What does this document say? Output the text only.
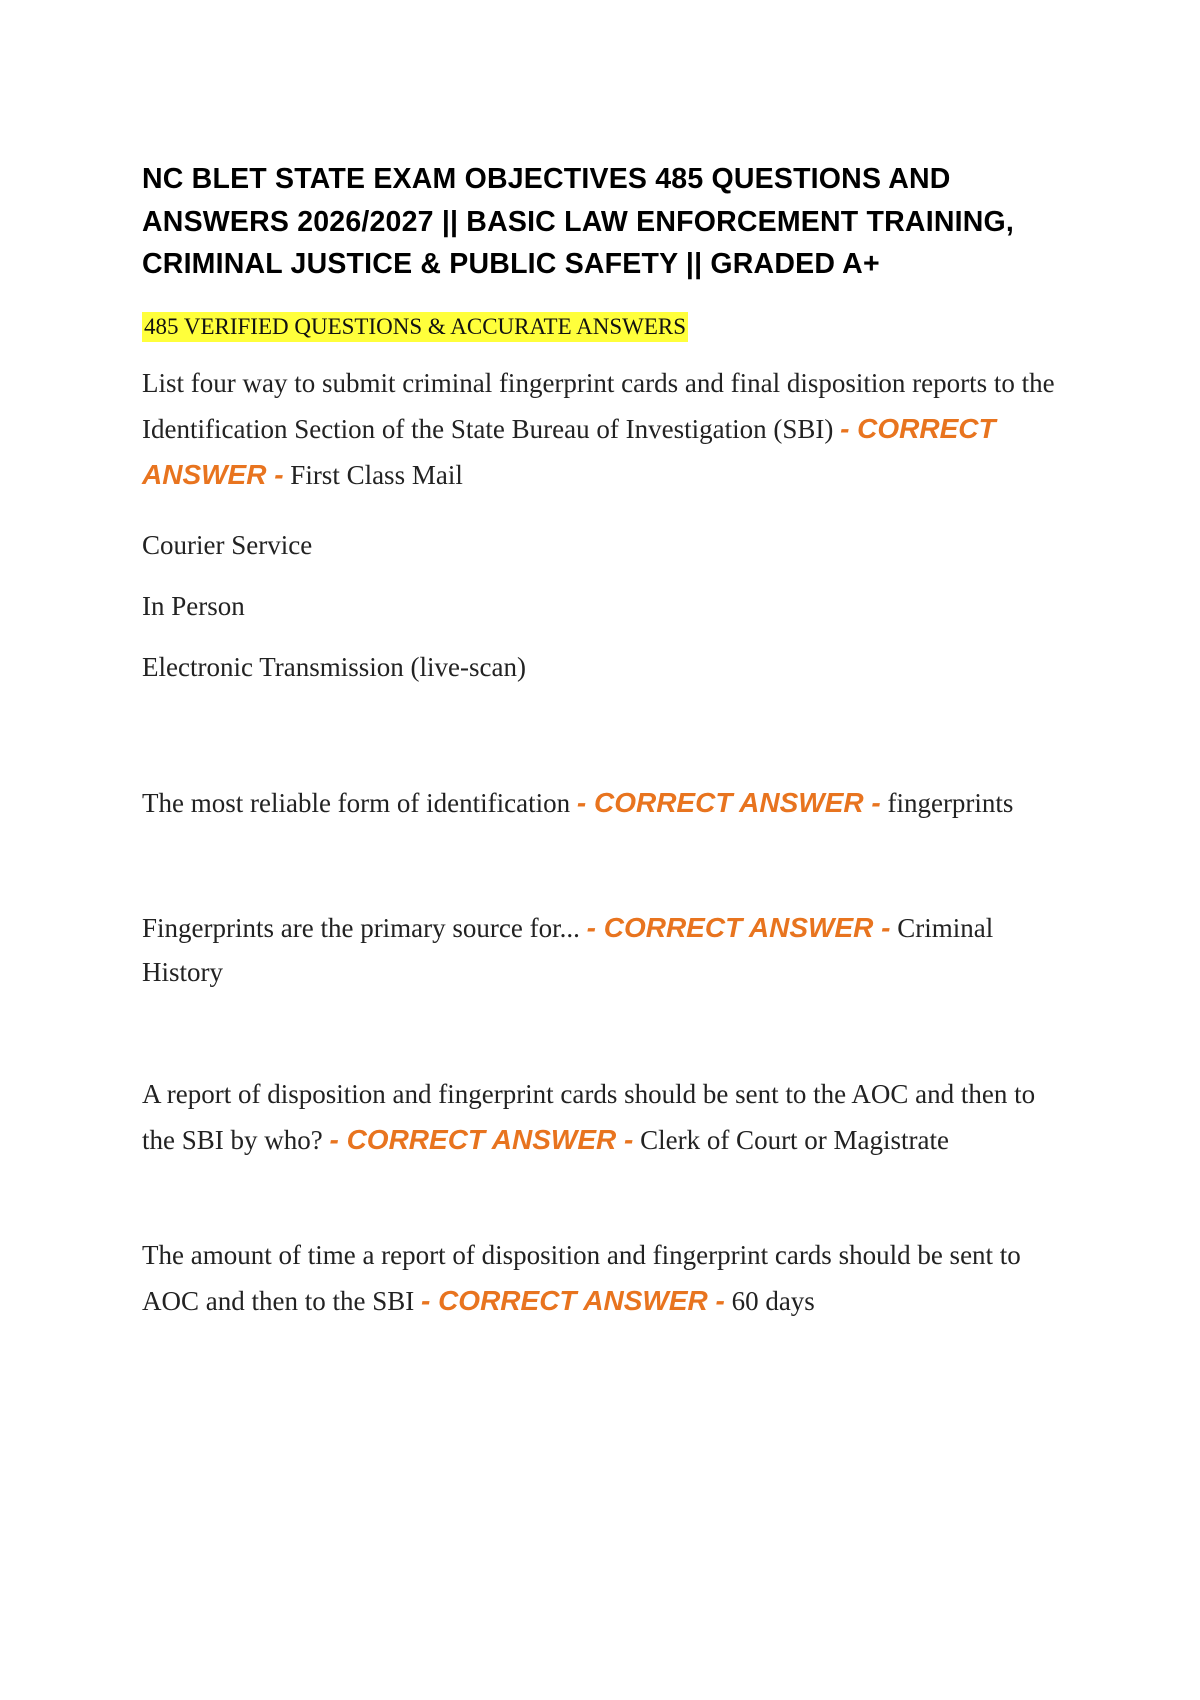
NC BLET STATE EXAM OBJECTIVES 485 QUESTIONS AND ANSWERS 2026/2027 || BASIC LAW ENFORCEMENT TRAINING, CRIMINAL JUSTICE & PUBLIC SAFETY || GRADED A+
485 VERIFIED QUESTIONS & ACCURATE ANSWERS

List four way to submit criminal fingerprint cards and final disposition reports to the Identification Section of the State Bureau of Investigation (SBI) - CORRECT ANSWER - First Class Mail

Courier Service
In Person
Electronic Transmission (live-scan)

The most reliable form of identification - CORRECT ANSWER - fingerprints

Fingerprints are the primary source for... - CORRECT ANSWER - Criminal History

A report of disposition and fingerprint cards should be sent to the AOC and then to the SBI by who? - CORRECT ANSWER - Clerk of Court or Magistrate

The amount of time a report of disposition and fingerprint cards should be sent to AOC and then to the SBI - CORRECT ANSWER - 60 days
